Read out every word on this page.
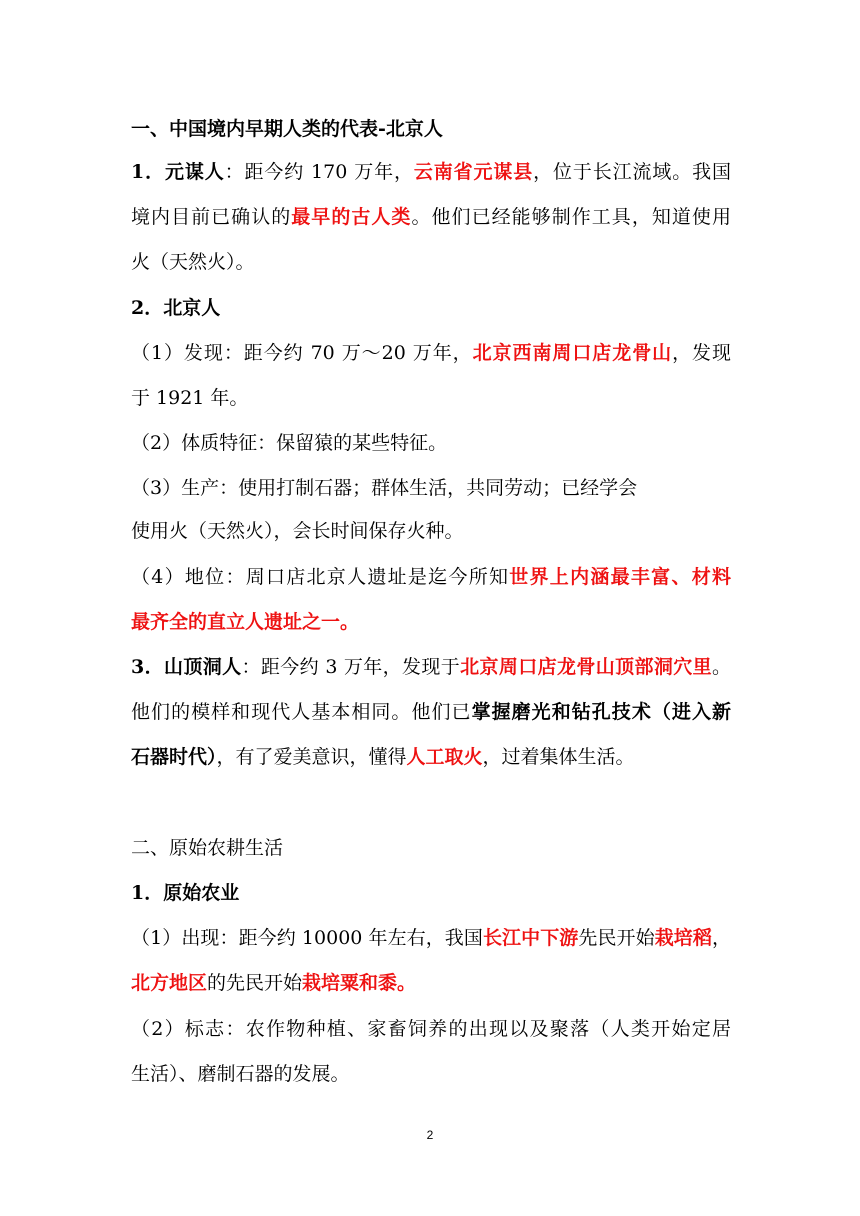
一、中国境内早期人类的代表-北京人
1．元谋人：距今约 170 万年，云南省元谋县，位于长江流域。我国
境内目前已确认的最早的古人类。他们已经能够制作工具，知道使用
火（天然火）。
2．北京人
（1）发现：距今约 70 万～20 万年，北京西南周口店龙骨山，发现
于 1921 年。
（2）体质特征：保留猿的某些特征。
（3）生产：使用打制石器；群体生活，共同劳动；已经学会
使用火（天然火），会长时间保存火种。
（4）地位：周口店北京人遗址是迄今所知世界上内涵最丰富、材料
最齐全的直立人遗址之一。
3．山顶洞人：距今约 3 万年，发现于北京周口店龙骨山顶部洞穴里。
他们的模样和现代人基本相同。他们已掌握磨光和钻孔技术（进入新
石器时代），有了爱美意识，懂得人工取火，过着集体生活。
二、原始农耕生活
1．原始农业
（1）出现：距今约 10000 年左右，我国长江中下游先民开始栽培稻，
北方地区的先民开始栽培粟和黍。
（2）标志：农作物种植、家畜饲养的出现以及聚落（人类开始定居
生活）、磨制石器的发展。
2
